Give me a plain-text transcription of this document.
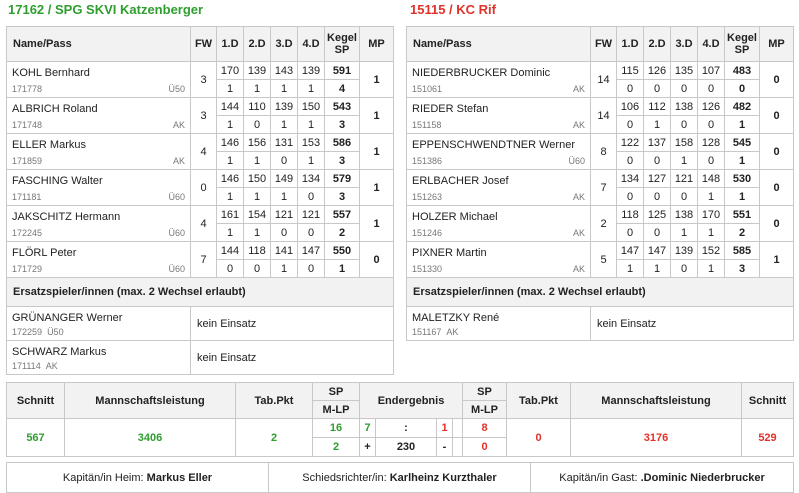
17162 / SPG SKVI Katzenberger	15115 / KC Rif
Name/Pass	FW	1.D	2.D	3.D	4.D	Kegel
SP	MP

KOHL Bernhard
171778 Ü50	3	170	139	143	139	591	1
		1	1	1	1	4	

ALBRICH Roland
171748 AK	3	144	110	139	150	543	1
		1	0	1	1	3	

ELLER Markus
171859 AK	4	146	156	131	153	586	1
		1	1	0	1	3	

FASCHING Walter
171181 Ü60	0	146	150	149	134	579	1
		1	1	1	0	3	

JAKSCHITZ Hermann
172245 Ü60	4	161	154	121	121	557	1
		1	1	0	0	2	

FLÖRL Peter
171729 Ü60	7	144	118	141	147	550	0
		0	0	1	0	1	
Ersatzspieler/innen (max. 2 Wechsel erlaubt)							

GRÜNANGER Werner
172259 Ü50	kein Einsatz						

SCHWARZ Markus
171114 AK	kein Einsatz						
Name/Pass	FW	1.D	2.D	3.D	4.D	Kegel
SP	MP

NIEDERBRUCKER Dominic
151061 AK	14	115	126	135	107	483	0
		0	0	0	0	0	

RIEDER Stefan
151158 AK	14	106	112	138	126	482	0
		0	1	0	0	1	

EPPENSCHWENDTNER Werner
151386 Ü60	8	122	137	158	128	545	0
		0	0	1	0	1	

ERLBACHER Josef
151263 AK	7	134	127	121	148	530	0
		0	0	0	1	1	

HOLZER Michael
151246 AK	2	118	125	138	170	551	0
		0	0	1	1	2	

PIXNER Martin
151330 AK	5	147	147	139	152	585	1
		1	1	0	1	3	
Ersatzspieler/innen (max. 2 Wechsel erlaubt)							

MALETZKY René
151167 AK	kein Einsatz						
Schnitt	Mannschaftsleistung	Tab.Pkt	SP	Endergebnis				SP	Tab.Pkt	Mannschaftsleistung	Schnitt
			M-LP					M-LP			
567	3406	2	16	7	:	1		8	0	3176	529
			2	+	230	-		0			
Kapitän/in Heim: Markus Eller	Schiedsrichter/in: Karlheinz Kurzthaler	Kapitän/in Gast: .Dominic Niederbrucker
